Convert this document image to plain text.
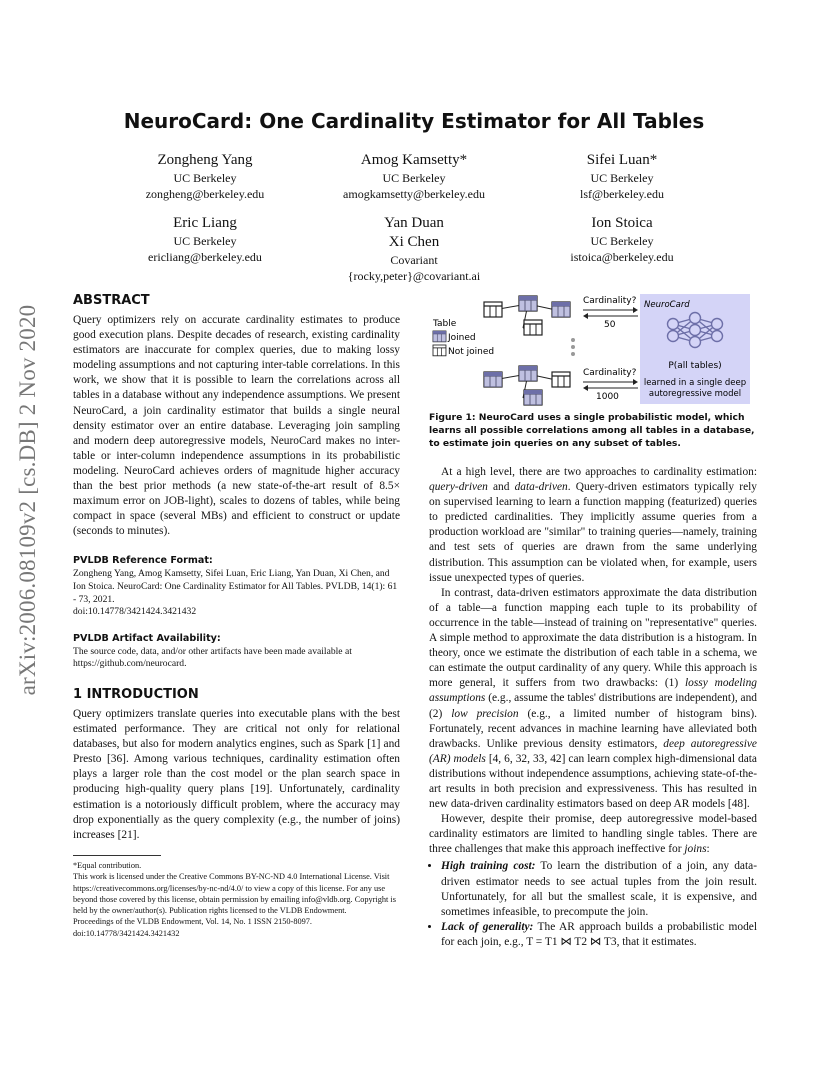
arXiv:2006.08109v2 [cs.DB] 2 Nov 2020
NeuroCard: One Cardinality Estimator for All Tables
Zongheng Yang
UC Berkeley
zongheng@berkeley.edu
Amog Kamsetty*
UC Berkeley
amogkamsetty@berkeley.edu
Sifei Luan*
UC Berkeley
lsf@berkeley.edu
Eric Liang
UC Berkeley
ericliang@berkeley.edu
Yan Duan
Xi Chen
Covariant
{rocky,peter}@covariant.ai
Ion Stoica
UC Berkeley
istoica@berkeley.edu
ABSTRACT
Query optimizers rely on accurate cardinality estimates to produce good execution plans. Despite decades of research, existing cardinality estimators are inaccurate for complex queries, due to making lossy modeling assumptions and not capturing inter-table correlations. In this work, we show that it is possible to learn the correlations across all tables in a database without any independence assumptions. We present NeuroCard, a join cardinality estimator that builds a single neural density estimator over an entire database. Leveraging join sampling and modern deep autoregressive models, NeuroCard makes no inter-table or inter-column independence assumptions in its probabilistic modeling. NeuroCard achieves orders of magnitude higher accuracy than the best prior methods (a new state-of-the-art result of 8.5× maximum error on JOB-light), scales to dozens of tables, while being compact in space (several MBs) and efficient to construct or update (seconds to minutes).
PVLDB Reference Format:
Zongheng Yang, Amog Kamsetty, Sifei Luan, Eric Liang, Yan Duan, Xi Chen, and Ion Stoica. NeuroCard: One Cardinality Estimator for All Tables. PVLDB, 14(1): 61 - 73, 2021.
doi:10.14778/3421424.3421432
PVLDB Artifact Availability:
The source code, data, and/or other artifacts have been made available at https://github.com/neurocard.
1 INTRODUCTION
Query optimizers translate queries into executable plans with the best estimated performance. They are critical not only for relational databases, but also for modern analytics engines, such as Spark [1] and Presto [36]. Among various techniques, cardinality estimation often plays a larger role than the cost model or the plan search space in producing high-quality query plans [19]. Unfortunately, cardinality estimation is a notoriously difficult problem, where the accuracy may drop exponentially as the query complexity (e.g., the number of joins) increases [21].
*Equal contribution.
This work is licensed under the Creative Commons BY-NC-ND 4.0 International License. Visit https://creativecommons.org/licenses/by-nc-nd/4.0/ to view a copy of this license. For any use beyond those covered by this license, obtain permission by emailing info@vldb.org. Copyright is held by the owner/author(s). Publication rights licensed to the VLDB Endowment.
Proceedings of the VLDB Endowment, Vol. 14, No. 1 ISSN 2150-8097.
doi:10.14778/3421424.3421432
Table
Joined
Not joined
Cardinality?
50
Cardinality?
1000
NeuroCard
P(all tables)
learned in a single deep
autoregressive model
Figure 1: NeuroCard uses a single probabilistic model, which learns all possible correlations among all tables in a database, to estimate join queries on any subset of tables.
At a high level, there are two approaches to cardinality estimation: query-driven and data-driven. Query-driven estimators typically rely on supervised learning to learn a function mapping (featurized) queries to predicted cardinalities. They implicitly assume queries from a production workload are "similar" to training queries—namely, training and test sets of queries are drawn from the same underlying distribution. This assumption can be violated when, for example, users issue unexpected types of queries.
In contrast, data-driven estimators approximate the data distribution of a table—a function mapping each tuple to its probability of occurrence in the table—instead of training on "representative" queries. A simple method to approximate the data distribution is a histogram. In theory, once we estimate the distribution of each table in a schema, we can estimate the output cardinality of any query. While this approach is more general, it suffers from two drawbacks: (1) lossy modeling assumptions (e.g., assume the tables' distributions are independent), and (2) low precision (e.g., a limited number of histogram bins). Fortunately, recent advances in machine learning have alleviated both drawbacks. Unlike previous density estimators, deep autoregressive (AR) models [4, 6, 32, 33, 42] can learn complex high-dimensional data distributions without independence assumptions, achieving state-of-the-art results in both precision and expressiveness. This has resulted in new data-driven cardinality estimators based on deep AR models [48].
However, despite their promise, deep autoregressive model-based cardinality estimators are limited to handling single tables. There are three challenges that make this approach ineffective for joins:
• High training cost: To learn the distribution of a join, any data-driven estimator needs to see actual tuples from the join result. Unfortunately, for all but the smallest scale, it is expensive, and sometimes infeasible, to precompute the join.
• Lack of generality: The AR approach builds a probabilistic model for each join, e.g., T = T1 ⋈ T2 ⋈ T3, that it estimates.
